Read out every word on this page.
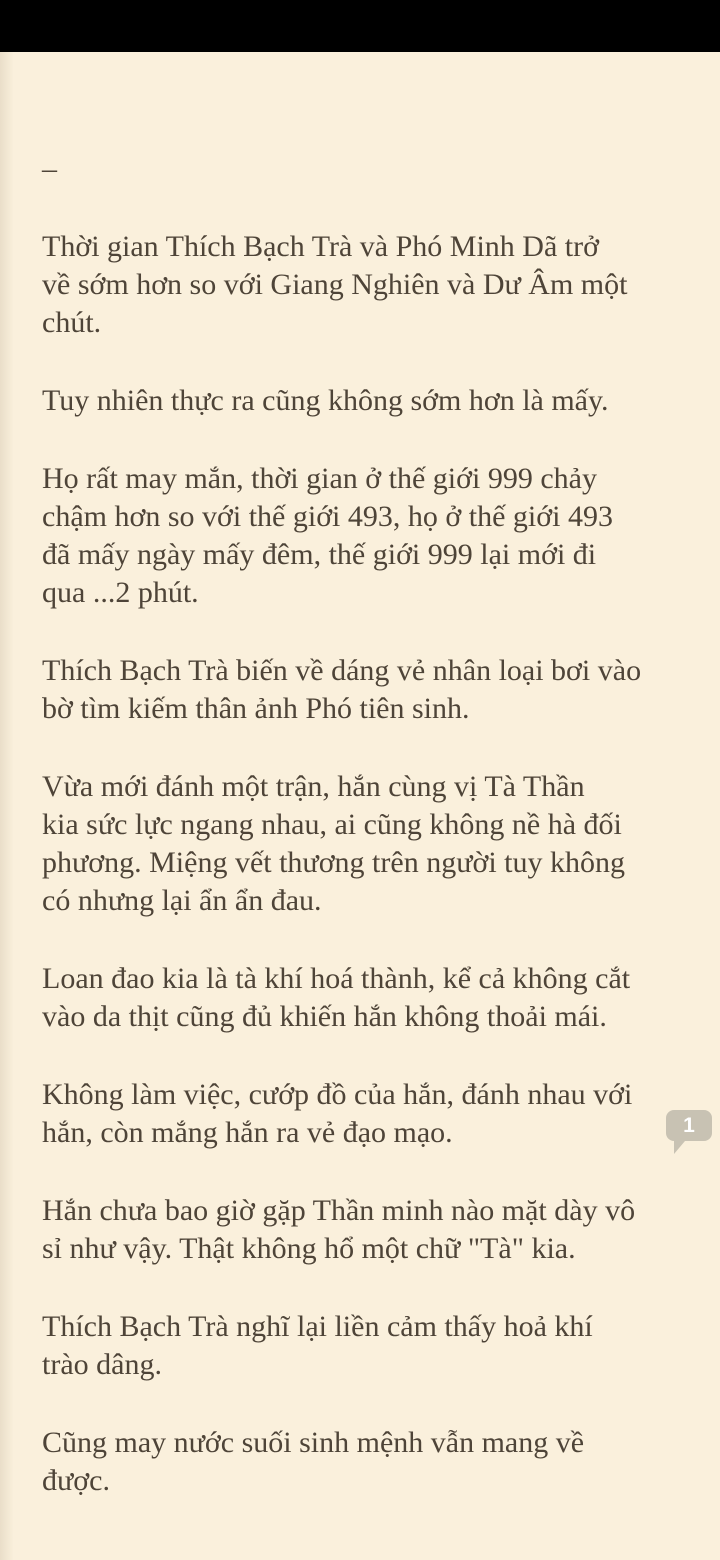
–
Thời gian Thích Bạch Trà và Phó Minh Dã trở
về sớm hơn so với Giang Nghiên và Dư Âm một
chút.
Tuy nhiên thực ra cũng không sớm hơn là mấy.
Họ rất may mắn, thời gian ở thế giới 999 chảy
chậm hơn so với thế giới 493, họ ở thế giới 493
đã mấy ngày mấy đêm, thế giới 999 lại mới đi
qua ...2 phút.
Thích Bạch Trà biến về dáng vẻ nhân loại bơi vào
bờ tìm kiếm thân ảnh Phó tiên sinh.
Vừa mới đánh một trận, hắn cùng vị Tà Thần
kia sức lực ngang nhau, ai cũng không nề hà đối
phương. Miệng vết thương trên người tuy không
có nhưng lại ẩn ẩn đau.
Loan đao kia là tà khí hoá thành, kể cả không cắt
vào da thịt cũng đủ khiến hắn không thoải mái.
Không làm việc, cướp đồ của hắn, đánh nhau với
hắn, còn mắng hắn ra vẻ đạo mạo.
Hắn chưa bao giờ gặp Thần minh nào mặt dày vô
sỉ như vậy. Thật không hổ một chữ "Tà" kia.
Thích Bạch Trà nghĩ lại liền cảm thấy hoả khí
trào dâng.
Cũng may nước suối sinh mệnh vẫn mang về
được.
1
